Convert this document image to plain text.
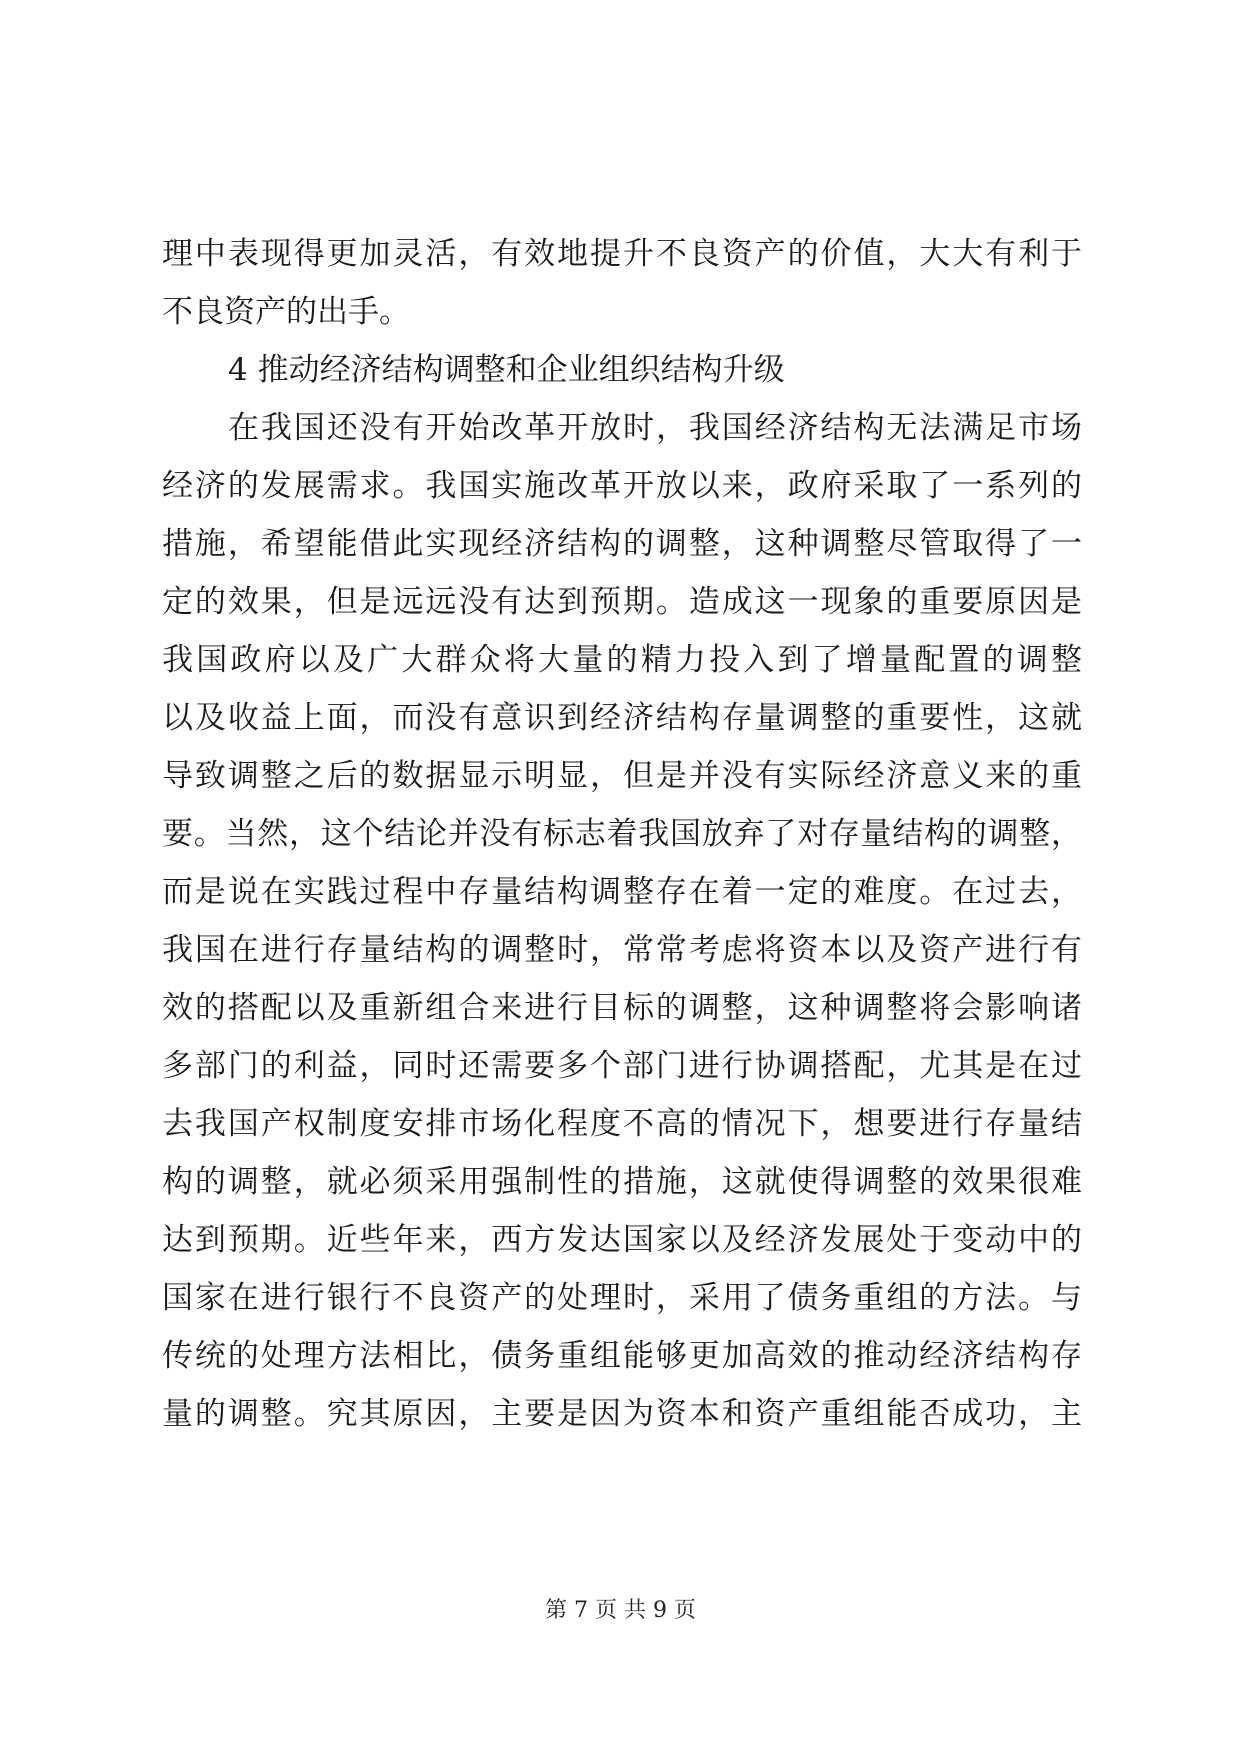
理中表现得更加灵活，有效地提升不良资产的价值，大大有利于
不良资产的出手。
4 推动经济结构调整和企业组织结构升级
在我国还没有开始改革开放时，我国经济结构无法满足市场
经济的发展需求。我国实施改革开放以来，政府采取了一系列的
措施，希望能借此实现经济结构的调整，这种调整尽管取得了一
定的效果，但是远远没有达到预期。造成这一现象的重要原因是
我国政府以及广大群众将大量的精力投入到了增量配置的调整
以及收益上面，而没有意识到经济结构存量调整的重要性，这就
导致调整之后的数据显示明显，但是并没有实际经济意义来的重
要。当然，这个结论并没有标志着我国放弃了对存量结构的调整，
而是说在实践过程中存量结构调整存在着一定的难度。在过去，
我国在进行存量结构的调整时，常常考虑将资本以及资产进行有
效的搭配以及重新组合来进行目标的调整，这种调整将会影响诸
多部门的利益，同时还需要多个部门进行协调搭配，尤其是在过
去我国产权制度安排市场化程度不高的情况下，想要进行存量结
构的调整，就必须采用强制性的措施，这就使得调整的效果很难
达到预期。近些年来，西方发达国家以及经济发展处于变动中的
国家在进行银行不良资产的处理时，采用了债务重组的方法。与
传统的处理方法相比，债务重组能够更加高效的推动经济结构存
量的调整。究其原因，主要是因为资本和资产重组能否成功，主
第 7 页 共 9 页
